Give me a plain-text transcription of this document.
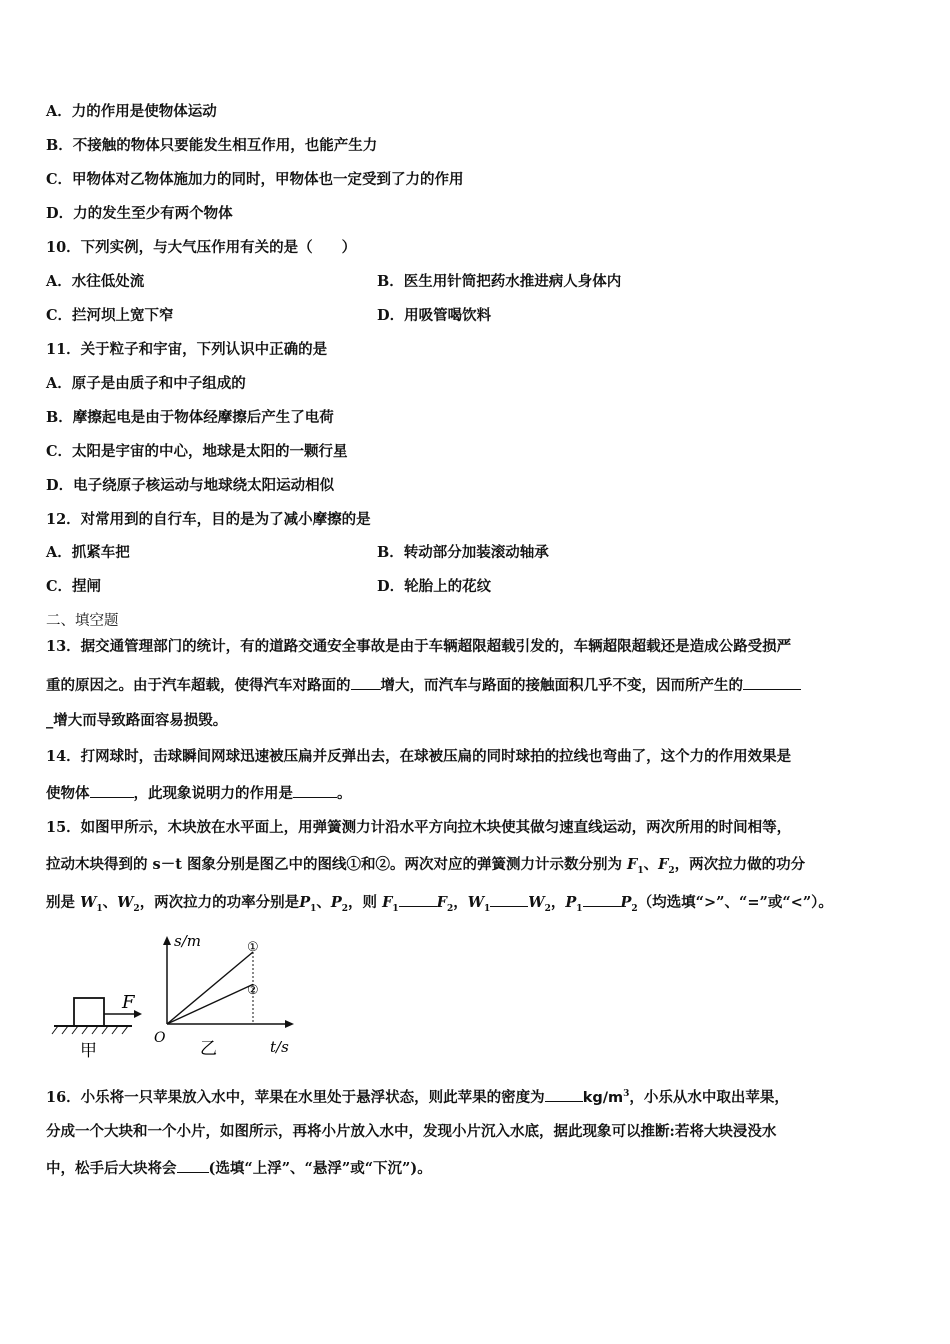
A．力的作用是使物体运动
B．不接触的物体只要能发生相互作用，也能产生力
C．甲物体对乙物体施加力的同时，甲物体也一定受到了力的作用
D．力的发生至少有两个物体
10．下列实例，与大气压作用有关的是（　　）
A．水往低处流	B．医生用针筒把药水推进病人身体内
C．拦河坝上宽下窄	D．用吸管喝饮料
11．关于粒子和宇宙，下列认识中正确的是
A．原子是由质子和中子组成的
B．摩擦起电是由于物体经摩擦后产生了电荷
C．太阳是宇宙的中心，地球是太阳的一颗行星
D．电子绕原子核运动与地球绕太阳运动相似
12．对常用到的自行车，目的是为了减小摩擦的是
A．抓紧车把	B．转动部分加装滚动轴承
C．捏闸	D．轮胎上的花纹
二、填空题
13．据交通管理部门的统计，有的道路交通安全事故是由于车辆超限超载引发的，车辆超限超载还是造成公路受损严
重的原因之。由于汽车超载，使得汽车对路面的 增大，而汽车与路面的接触面积几乎不变，因而所产生的
_增大而导致路面容易损毁。
14．打网球时，击球瞬间网球迅速被压扁并反弹出去，在球被压扁的同时球拍的拉线也弯曲了，这个力的作用效果是
使物体	，此现象说明力的作用是	。
15．如图甲所示，木块放在水平面上，用弹簧测力计沿水平方向拉木块使其做匀速直线运动，两次所用的时间相等，
拉动木块得到的 s－t 图象分别是图乙中的图线①和②。两次对应的弹簧测力计示数分别为 $F_1$、$F_2$，两次拉力做的功分
别是 $W_1$、$W_2$，两次拉力的功率分别是$P_1$、$P_2$，则 $F_1$	$F_2$，$W_1$	$W_2$，$P_1$	$P_2$（均选填“>”、“=”或“<”）。
F
甲
s/m
t/s
O
①
②
乙
16．小乐将一只苹果放入水中，苹果在水里处于悬浮状态，则此苹果的密度为	$kg/m^3$，小乐从水中取出苹果，
分成一个大块和一个小片，如图所示，再将小片放入水中，发现小片沉入水底，据此现象可以推断:若将大块浸没水
中，松手后大块将会 (选填“上浮”、“悬浮”或“下沉”)。
